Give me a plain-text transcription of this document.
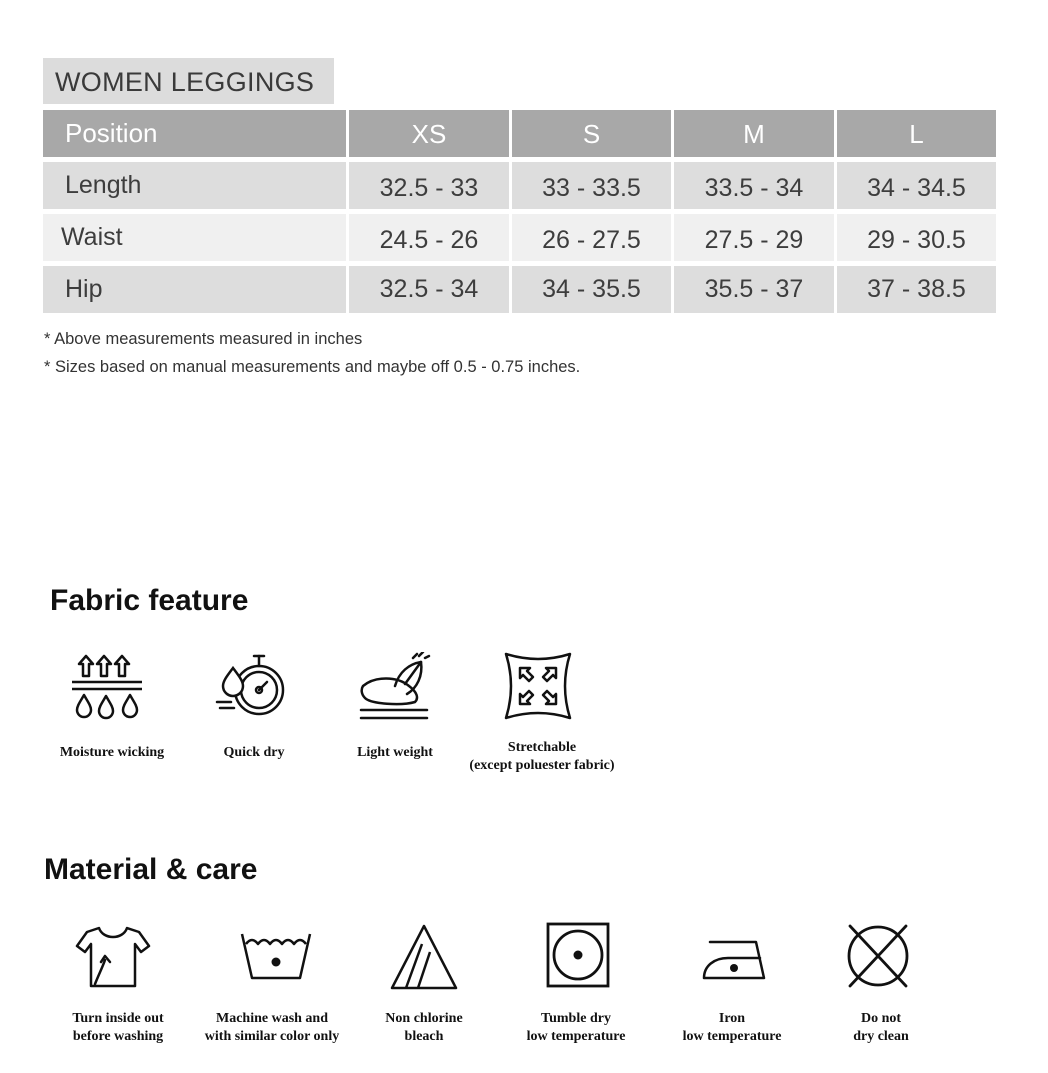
WOMEN LEGGINGS
Position	XS	S	M	L
Length	32.5 - 33	33 - 33.5	33.5 - 34	34 - 34.5
Waist	24.5 - 26	26 - 27.5	27.5 - 29	29 - 30.5
Hip	32.5 - 34	34 - 35.5	35.5 - 37	37 - 38.5
* Above measurements measured in inches
* Sizes based on manual measurements and maybe off 0.5 - 0.75 inches.
Fabric feature
Moisture wicking	Quick dry	Light weight	Stretchable
(except poluester fabric)
Material & care
Turn inside out
before washing
Machine wash and
with similar color only
Non chlorine
bleach
Tumble dry
low temperature
Iron
low temperature
Do not
dry clean
